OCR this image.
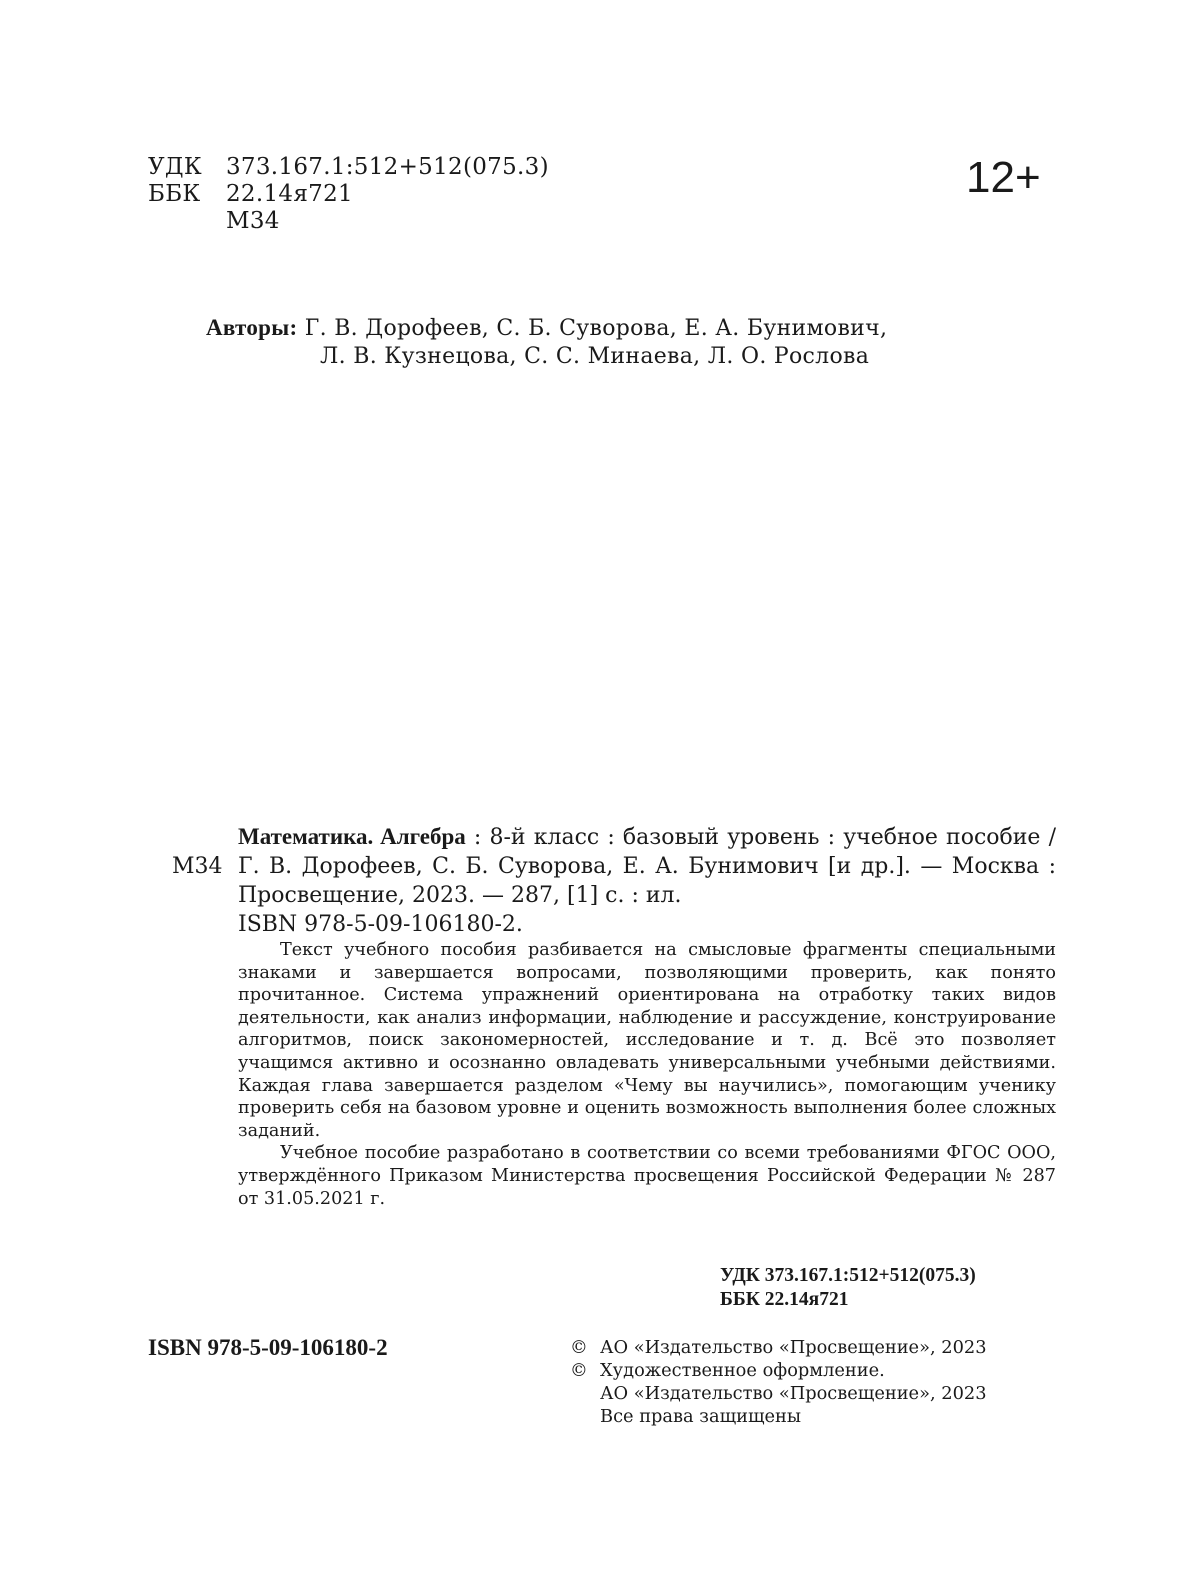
УДК	373.167.1:512+512(075.3)
ББК	22.14я721
М34
12+
Авторы: Г. В. Дорофеев, С. Б. Суворова, Е. А. Бунимович,
Л. В. Кузнецова, С. С. Минаева, Л. О. Рослова
М34
Математика. Алгебра : 8-й класс : базовый уровень : учебное пособие / Г. В. Дорофеев, С. Б. Суворова, Е. А. Бунимович [и др.]. — Москва : Просвещение, 2023. — 287, [1] с. : ил.
ISBN 978-5-09-106180-2.

Текст учебного пособия разбивается на смысловые фрагменты специальными знаками и завершается вопросами, позволяющими проверить, как понято прочитанное. Система упражнений ориентирована на отработку таких видов деятельности, как анализ информации, наблюдение и рассуждение, конструирование алгоритмов, поиск закономерностей, исследование и т. д. Всё это позволяет учащимся активно и осознанно овладевать универсальными учебными действиями. Каждая глава завершается разделом «Чему вы научились», помогающим ученику проверить себя на базовом уровне и оценить возможность выполнения более сложных заданий.

Учебное пособие разработано в соответствии со всеми требованиями ФГОС ООО, утверждённого Приказом Министерства просвещения Российской Федерации № 287 от 31.05.2021 г.

УДК 373.167.1:512+512(075.3)
ББК 22.14я721
ISBN 978-5-09-106180-2	© АО «Издательство «Просвещение», 2023
© Художественное оформление.
АО «Издательство «Просвещение», 2023
Все права защищены
